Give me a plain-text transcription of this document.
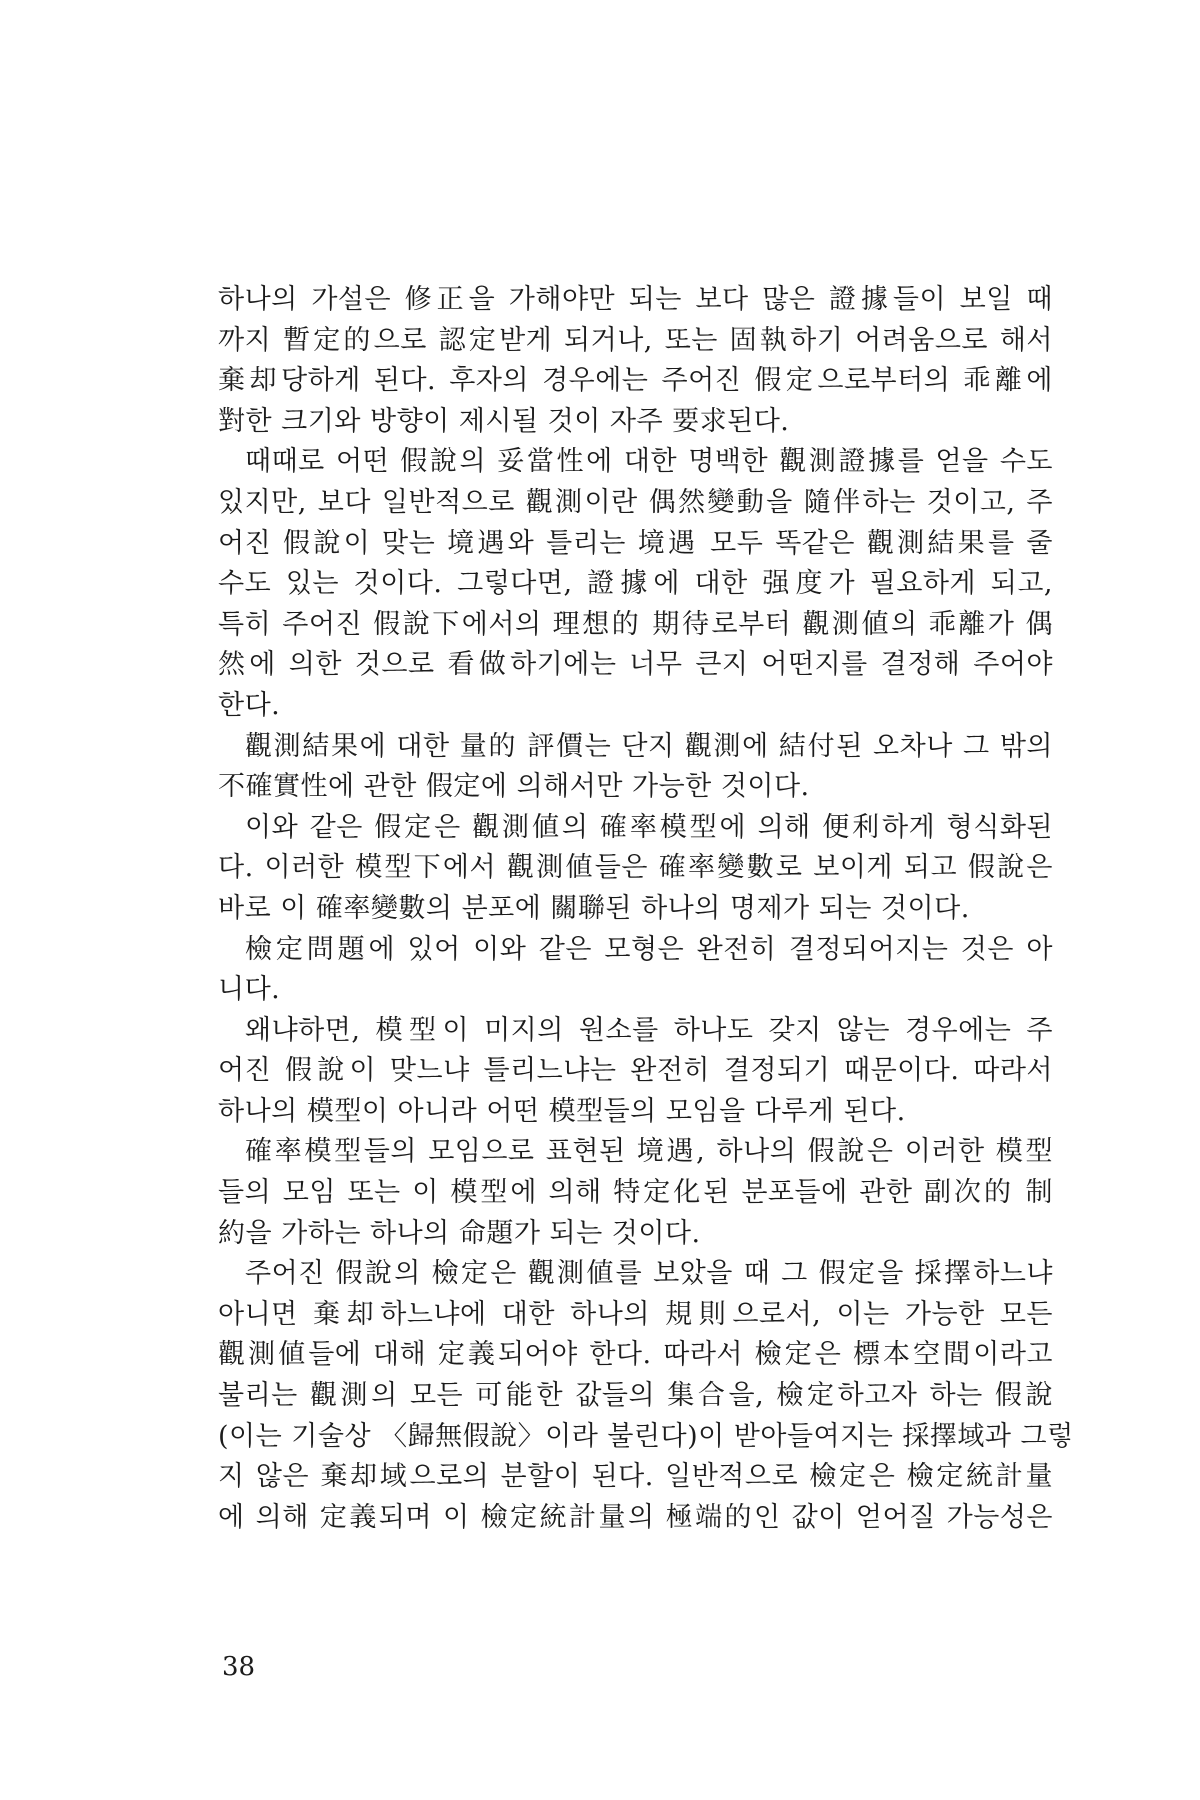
하나의 가설은 修正을 가해야만 되는 보다 많은 證據들이 보일 때
까지 暫定的으로 認定받게 되거나, 또는 固執하기 어려움으로 해서
棄却당하게 된다. 후자의 경우에는 주어진 假定으로부터의 乖離에
對한 크기와 방향이 제시될 것이 자주 要求된다.
때때로 어떤 假說의 妥當性에 대한 명백한 觀測證據를 얻을 수도
있지만, 보다 일반적으로 觀測이란 偶然變動을 隨伴하는 것이고, 주
어진 假說이 맞는 境遇와 틀리는 境遇 모두 똑같은 觀測結果를 줄
수도 있는 것이다. 그렇다면, 證據에 대한 强度가 필요하게 되고,
특히 주어진 假說下에서의 理想的 期待로부터 觀測値의 乖離가 偶
然에 의한 것으로 看做하기에는 너무 큰지 어떤지를 결정해 주어야
한다.
觀測結果에 대한 量的 評價는 단지 觀測에 結付된 오차나 그 밖의
不確實性에 관한 假定에 의해서만 가능한 것이다.
이와 같은 假定은 觀測値의 確率模型에 의해 便利하게 형식화된
다. 이러한 模型下에서 觀測値들은 確率變數로 보이게 되고 假說은
바로 이 確率變數의 분포에 關聯된 하나의 명제가 되는 것이다.
檢定問題에 있어 이와 같은 모형은 완전히 결정되어지는 것은 아
니다.
왜냐하면, 模型이 미지의 원소를 하나도 갖지 않는 경우에는 주
어진 假說이 맞느냐 틀리느냐는 완전히 결정되기 때문이다. 따라서
하나의 模型이 아니라 어떤 模型들의 모임을 다루게 된다.
確率模型들의 모임으로 표현된 境遇, 하나의 假說은 이러한 模型
들의 모임 또는 이 模型에 의해 特定化된 분포들에 관한 副次的 制
約을 가하는 하나의 命題가 되는 것이다.
주어진 假說의 檢定은 觀測値를 보았을 때 그 假定을 採擇하느냐
아니면 棄却하느냐에 대한 하나의 規則으로서, 이는 가능한 모든
觀測値들에 대해 定義되어야 한다. 따라서 檢定은 標本空間이라고
불리는 觀測의 모든 可能한 값들의 集合을, 檢定하고자 하는 假說
(이는 기술상 〈歸無假說〉이라 불린다)이 받아들여지는 採擇域과 그렇
지 않은 棄却域으로의 분할이 된다. 일반적으로 檢定은 檢定統計量
에 의해 定義되며 이 檢定統計量의 極端的인 값이 얻어질 가능성은
38
